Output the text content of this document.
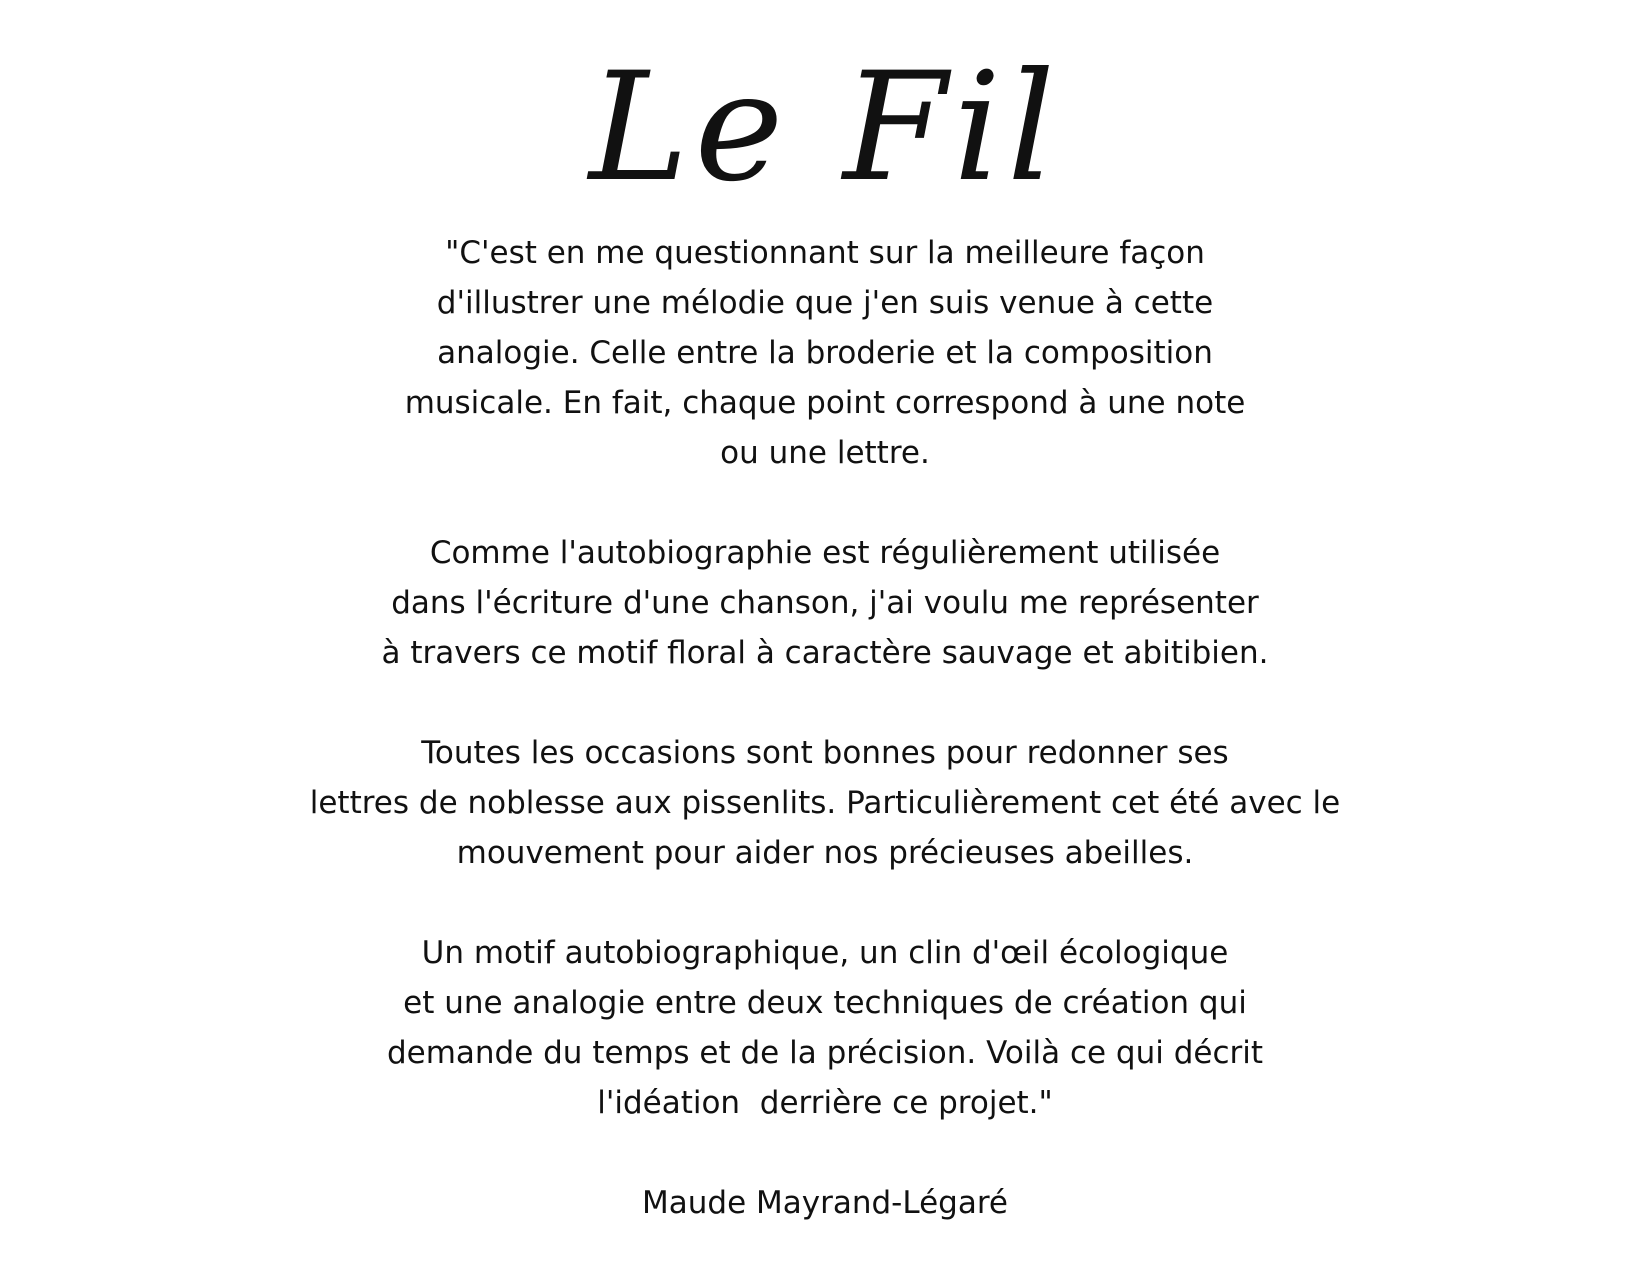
Le Fil

"C'est en me questionnant sur la meilleure façon
d'illustrer une mélodie que j'en suis venue à cette
analogie. Celle entre la broderie et la composition
musicale. En fait, chaque point correspond à une note
ou une lettre.

Comme l'autobiographie est régulièrement utilisée
dans l'écriture d'une chanson, j'ai voulu me représenter
à travers ce motif floral à caractère sauvage et abitibien.

Toutes les occasions sont bonnes pour redonner ses
lettres de noblesse aux pissenlits. Particulièrement cet été avec le
mouvement pour aider nos précieuses abeilles.

Un motif autobiographique, un clin d'œil écologique
et une analogie entre deux techniques de création qui
demande du temps et de la précision. Voilà ce qui décrit
l'idéation  derrière ce projet."

Maude Mayrand-Légaré
